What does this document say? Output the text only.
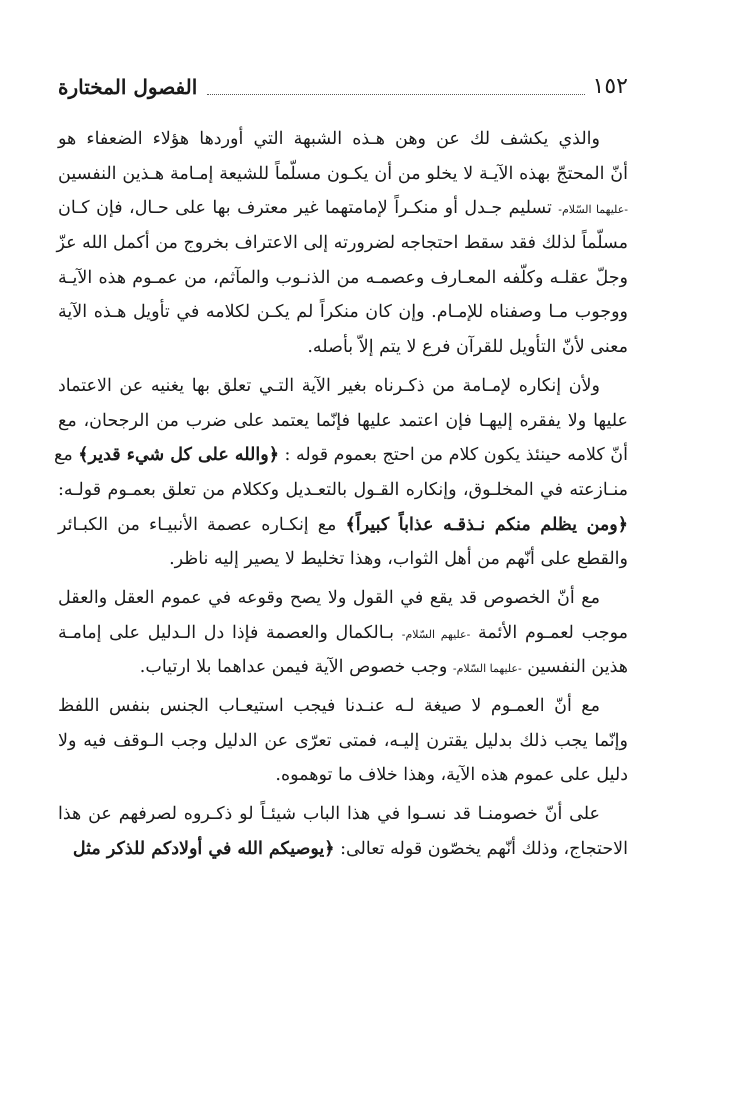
١٥٢
الفصول المختارة
والذي يكشف لك عن وهن هـذه الشبهة التي أوردها هؤلاء الضعفاء هو
أنّ المحتجّ بهذه الآيـة لا يخلو من أن يكـون مسلّماً للشيعة إمـامة هـذين النفسين
-عليهما السّلام- تسليم جـدل أو منكـراً لإمامتهما غير معترف بها على حـال، فإن كـان
مسلّماً لذلك فقد سقط احتجاجه لضرورته إلى الاعتراف بخروج من أكمل الله عزّ
وجلّ عقلـه وكلّفه المعـارف وعصمـه من الذنـوب والمآثم، من عمـوم هذه الآيـة
ووجوب مـا وصفناه للإمـام. وإن كان منكراً لم يكـن لكلامه في تأويل هـذه الآية
معنى لأنّ التأويل للقرآن فرع لا يتم إلاّ بأصله.
ولأن إنكاره لإمـامة من ذكـرناه بغير الآية التـي تعلق بها يغنيه عن الاعتماد
عليها ولا يفقره إليهـا فإن اعتمد عليها فإنّما يعتمد على ضرب من الرجحان، مع
أنّ كلامه حينئذ يكون كلام من احتج بعموم قوله : ﴿والله على كل شيء قدير﴾ مع
منـازعته في المخلـوق، وإنكاره القـول بالتعـديل وككلام من تعلق بعمـوم قولـه:
﴿ومن يظلم منكم نـذقـه عذاباً كبيراً﴾ مع إنكـاره عصمة الأنبيـاء من الكبـائر
والقطع على أنّهم من أهل الثواب، وهذا تخليط لا يصير إليه ناظر.
مع أنّ الخصوص قد يقع في القول ولا يصح وقوعه في عموم العقل والعقل
موجب لعمـوم الأئمة -عليهم السّلام- بـالكمال والعصمة فإذا دل الـدليل على إمامـة
هذين النفسين -عليهما السّلام- وجب خصوص الآية فيمن عداهما بلا ارتياب.
مع أنّ العمـوم لا صيغة لـه عنـدنا فيجب استيعـاب الجنس بنفس اللفظ
وإنّما يجب ذلك بدليل يقترن إليـه، فمتى تعرّى عن الدليل وجب الـوقف فيه ولا
دليل على عموم هذه الآية، وهذا خلاف ما توهموه.
على أنّ خصومنـا قد نسـوا في هذا الباب شيئـاً لو ذكـروه لصرفهم عن هذا
الاحتجاج، وذلك أنّهم يخصّون قوله تعالى: ﴿يوصيكم الله في أولادكم للذكر مثل
